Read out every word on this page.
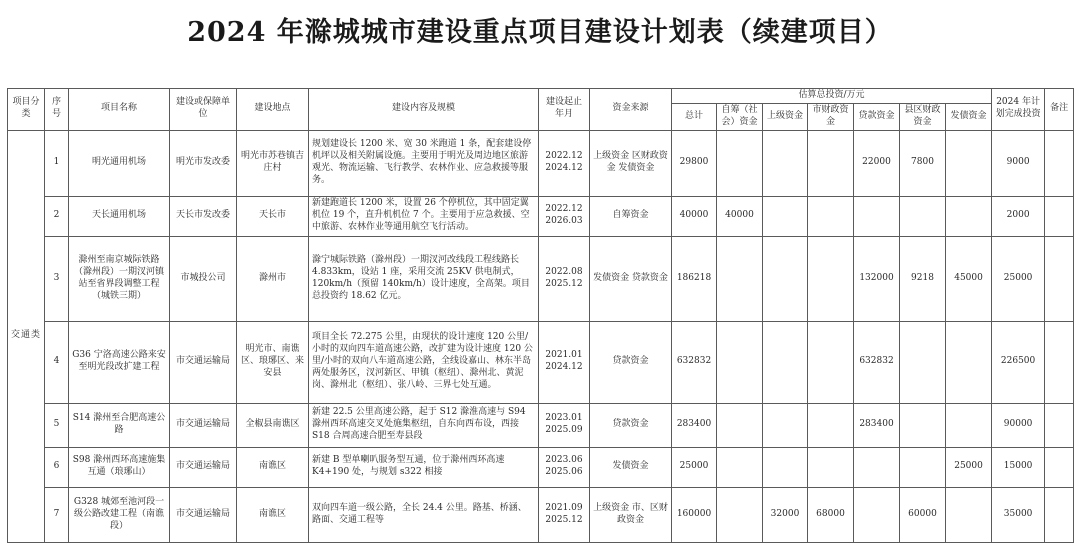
2024 年滁城城市建设重点项目建设计划表（续建项目）
项目分类	序号	项目名称	建设或保障单位	建设地点	建设内容及规模	建设起止年月	资金来源	估算总投资/万元							2024 年计划完成投资	备注
								总计	自筹（社会）资金	上级资金	市财政资金	贷款资金	县区财政资金	发债资金		
交通类	1	明光通用机场	明光市发改委	明光市苏巷镇吉庄村	规划建设长 1200 米、宽 30 米跑道 1 条，配套建设停机坪以及相关附属设施。主要用于明光及周边地区旅游观光、物流运输、飞行教学、农林作业、应急救援等服务。	2022.12 2024.12	上级资金 区财政资金 发债资金	29800				22000	7800		9000	
	2	天长通用机场	天长市发改委	天长市	新建跑道长 1200 米，设置 26 个停机位，其中固定翼机位 19 个，直升机机位 7 个。主要用于应急救援、空中旅游、农林作业等通用航空飞行活动。	2022.12 2026.03	自筹资金	40000	40000						2000	
	3	滁州至南京城际铁路（滁州段）一期汊河镇站至省界段调整工程（城铁三期）	市城投公司	滁州市	滁宁城际铁路（滁州段）一期汊河改线段工程线路长 4.833km，设站 1 座，采用交流 25KV 供电制式，120km/h（预留 140km/h）设计速度，全高架。项目总投资约 18.62 亿元。	2022.08 2025.12	发债资金 贷款资金	186218				132000	9218	45000	25000	
	4	G36 宁洛高速公路来安至明光段改扩建工程	市交通运输局	明光市、南谯区、琅琊区、来安县	项目全长 72.275 公里，由现状的设计速度 120 公里/小时的双向四车道高速公路，改扩建为设计速度 120 公里/小时的双向八车道高速公路，全线设嘉山、林东半岛两处服务区，汊河新区、甲镇（枢纽）、滁州北、黄泥岗、滁州北（枢纽）、张八岭、三界七处互通。	2021.01 2024.12	贷款资金	632832				632832			226500	
	5	S14 滁州至合肥高速公路	市交通运输局	全椒县南谯区	新建 22.5 公里高速公路，起于 S12 滁淮高速与 S94 滁州西环高速交叉处施集枢纽，自东向西布设，西接 S18 合周高速合肥至寿县段	2023.01 2025.09	贷款资金	283400				283400			90000	
	6	S98 滁州西环高速施集互通（琅琊山）	市交通运输局	南谯区	新建 B 型单喇叭服务型互通，位于滁州西环高速 K4+190 处，与规划 s322 相接	2023.06 2025.06	发债资金	25000						25000	15000	
	7	G328 城郊至池河段一级公路改建工程（南谯段）	市交通运输局	南谯区	双向四车道一级公路，全长 24.4 公里。路基、桥涵、路面、交通工程等	2021.09 2025.12	上级资金 市、区财政资金	160000		32000	68000		60000		35000	
